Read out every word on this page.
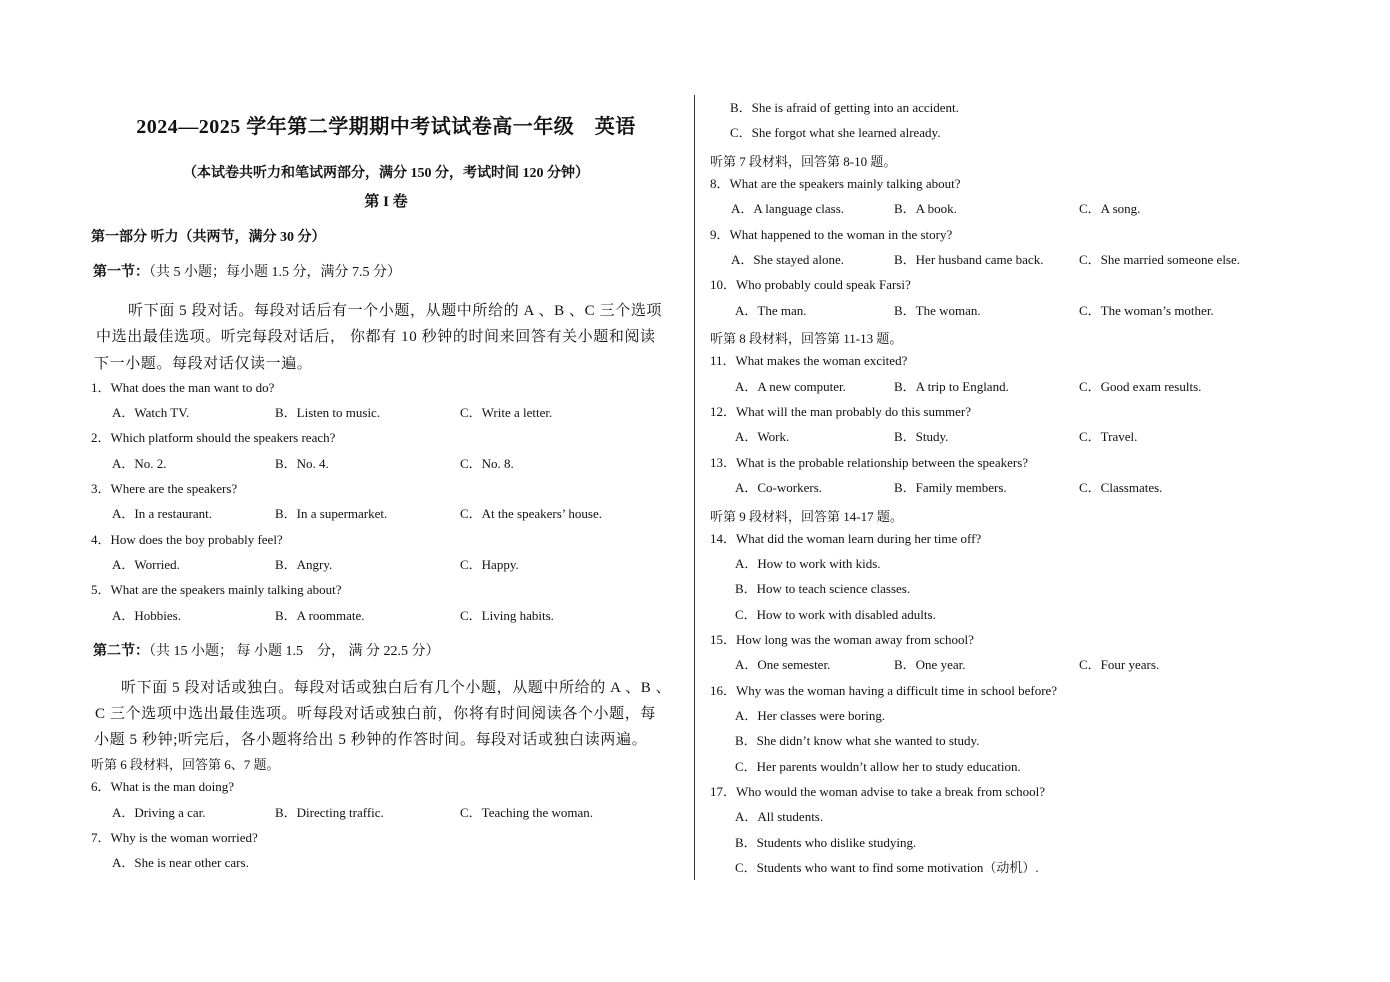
2024—2025 学年第二学期期中考试试卷高一年级　英语
（本试卷共听力和笔试两部分，满分 150 分，考试时间 120 分钟）
第 I 卷
第一部分 听力（共两节，满分 30 分）
第一节：（共 5 小题；每小题 1.5 分，满分 7.5 分）
听下面 5 段对话。每段对话后有一个小题，从题中所给的 A 、B 、C 三个选项
中选出最佳选项。听完每段对话后， 你都有 10 秒钟的时间来回答有关小题和阅读
下一小题。每段对话仅读一遍。
1．What does the man want to do?
A．Watch TV.	B．Listen to music.	C．Write a letter.
2．Which platform should the speakers reach?
A．No. 2.	B．No. 4.	C．No. 8.
3．Where are the speakers?
A．In a restaurant.	B．In a supermarket.	C．At the speakers’ house.
4．How does the boy probably feel?
A．Worried.	B．Angry.	C．Happy.
5．What are the speakers mainly talking about?
A．Hobbies.	B．A roommate.	C．Living habits.
第二节：（共 15 小题； 每 小题 1.5　分， 满 分 22.5 分）
听下面 5 段对话或独白。每段对话或独白后有几个小题，从题中所给的 A 、B 、
C 三个选项中选出最佳选项。听每段对话或独白前，你将有时间阅读各个小题，每
小题 5 秒钟;听完后，各小题将给出 5 秒钟的作答时间。每段对话或独白读两遍。
听第 6 段材料，回答第 6、7 题。
6．What is the man doing?
A．Driving a car.	B．Directing traffic.	C．Teaching the woman.
7．Why is the woman worried?
A．She is near other cars.
B．She is afraid of getting into an accident.
C．She forgot what she learned already.
听第 7 段材料，回答第 8-10 题。
8．What are the speakers mainly talking about?
A．A language class.	B．A book.	C．A song.
9．What happened to the woman in the story?
A．She stayed alone.	B．Her husband came back.	C．She married someone else.
10．Who probably could speak Farsi?
A．The man.	B．The woman.	C．The woman’s mother.
听第 8 段材料，回答第 11-13 题。
11．What makes the woman excited?
A．A new computer.	B．A trip to England.	C．Good exam results.
12．What will the man probably do this summer?
A．Work.	B．Study.	C．Travel.
13．What is the probable relationship between the speakers?
A．Co-workers.	B．Family members.	C．Classmates.
听第 9 段材料，回答第 14-17 题。
14．What did the woman learn during her time off?
A．How to work with kids.
B．How to teach science classes.
C．How to work with disabled adults.
15．How long was the woman away from school?
A．One semester.	B．One year.	C．Four years.
16．Why was the woman having a difficult time in school before?
A．Her classes were boring.
B．She didn’t know what she wanted to study.
C．Her parents wouldn’t allow her to study education.
17．Who would the woman advise to take a break from school?
A．All students.
B．Students who dislike studying.
C．Students who want to find some motivation（动机）.
